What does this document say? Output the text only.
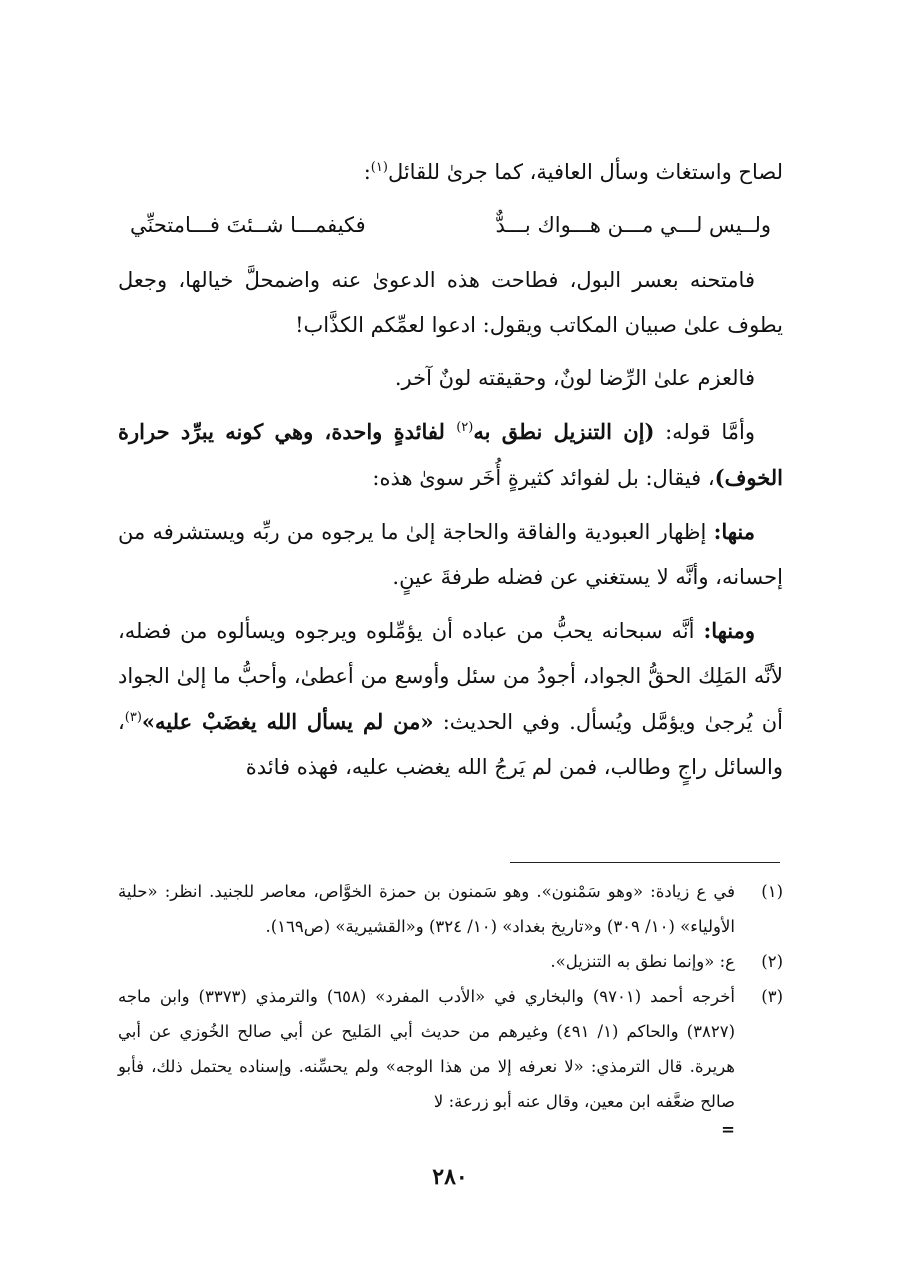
لصاح واستغاث وسأل العافية، كما جرىٰ للقائل$^{(١)}$:

ولــيس لـــي مـــن هـــواك بـــدٌّ
فكيفمـــا شــئتَ فـــامتحنِّي

فامتحنه بعسر البول، فطاحت هذه الدعوىٰ عنه واضمحلَّ خيالها، وجعل يطوف علىٰ صبيان المكاتب ويقول: ادعوا لعمِّكم الكذَّاب!

فالعزم علىٰ الرِّضا لونٌ، وحقيقته لونٌ آخر.

وأمَّا قوله: (إن التنزيل نطق به$^{(٢)}$ لفائدةٍ واحدة، وهي كونه يبرِّد حرارة الخوف)، فيقال: بل لفوائد كثيرةٍ أُخَر سوىٰ هذه:

منها: إظهار العبودية والفاقة والحاجة إلىٰ ما يرجوه من ربِّه ويستشرفه من إحسانه، وأنَّه لا يستغني عن فضله طرفةَ عينٍ.

ومنها: أنَّه سبحانه يحبُّ من عباده أن يؤمِّلوه ويرجوه ويسألوه من فضله، لأنَّه المَلِك الحقُّ الجواد، أجودُ من سئل وأوسع من أعطىٰ، وأحبُّ ما إلىٰ الجواد أن يُرجىٰ ويؤمَّل ويُسأل. وفي الحديث: «من لم يسأل الله يغضَبْ عليه»$^{(٣)}$، والسائل راجٍ وطالب، فمن لم يَرجُ الله يغضب عليه، فهذه فائدة

(١)
في ع زيادة: «وهو سَمْنون». وهو سَمنون بن حمزة الخوَّاص، معاصر للجنيد. انظر: «حلية الأولياء» (١٠/ ٣٠٩) و«تاريخ بغداد» (١٠/ ٣٢٤) و«القشيرية» (ص١٦٩).
(٢)
ع: «وإنما نطق به التنزيل».
(٣)
أخرجه أحمد (٩٧٠١) والبخاري في «الأدب المفرد» (٦٥٨) والترمذي (٣٣٧٣) وابن ماجه (٣٨٢٧) والحاكم (١/ ٤٩١) وغيرهم من حديث أبي المَليح عن أبي صالح الخُوزي عن أبي هريرة. قال الترمذي: «لا نعرفه إلا من هذا الوجه» ولم يحسِّنه. وإسناده يحتمل ذلك، فأبو صالح ضعَّفه ابن معين، وقال عنه أبو زرعة: لا
=
٢٨٠
